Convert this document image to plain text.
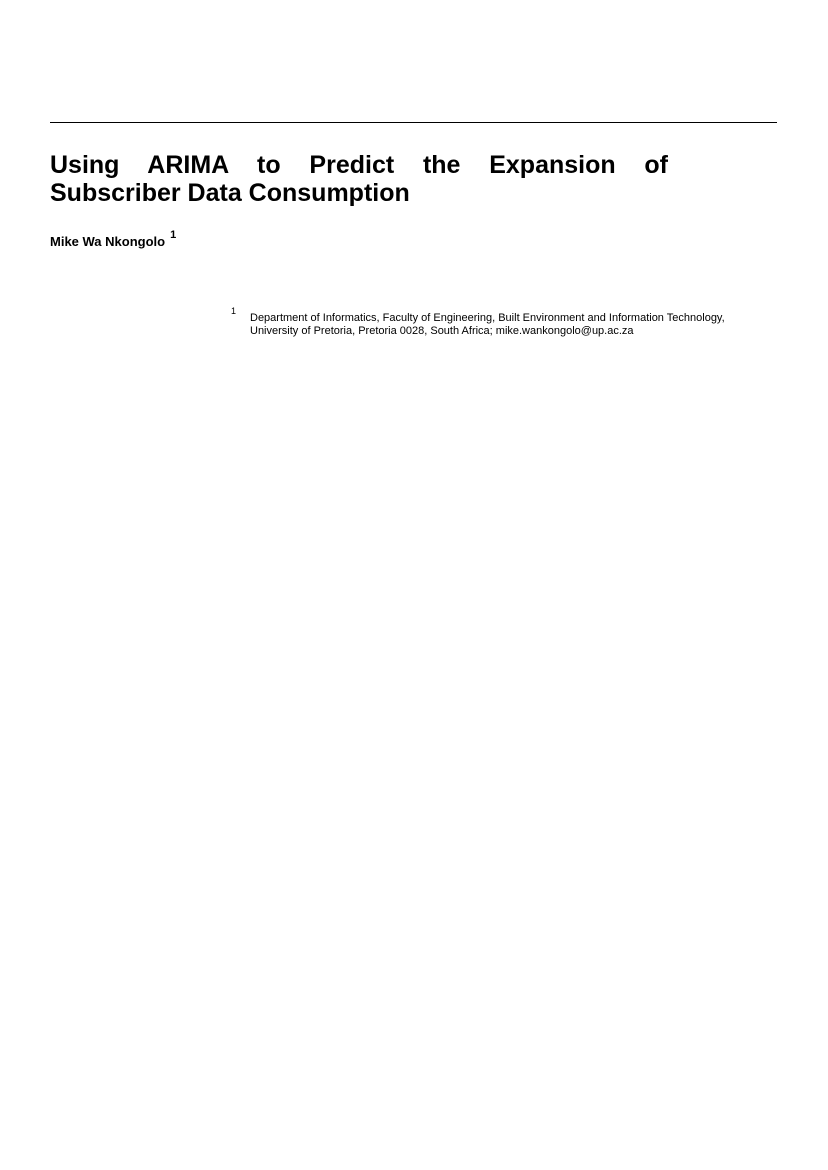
Using ARIMA to Predict the Expansion of
Subscriber Data Consumption

Mike Wa Nkongolo $^1$

1

Department of Informatics, Faculty of Engineering, Built Environment and Information Technology,
University of Pretoria, Pretoria 0028, South Africa; mike.wankongolo@up.ac.za
